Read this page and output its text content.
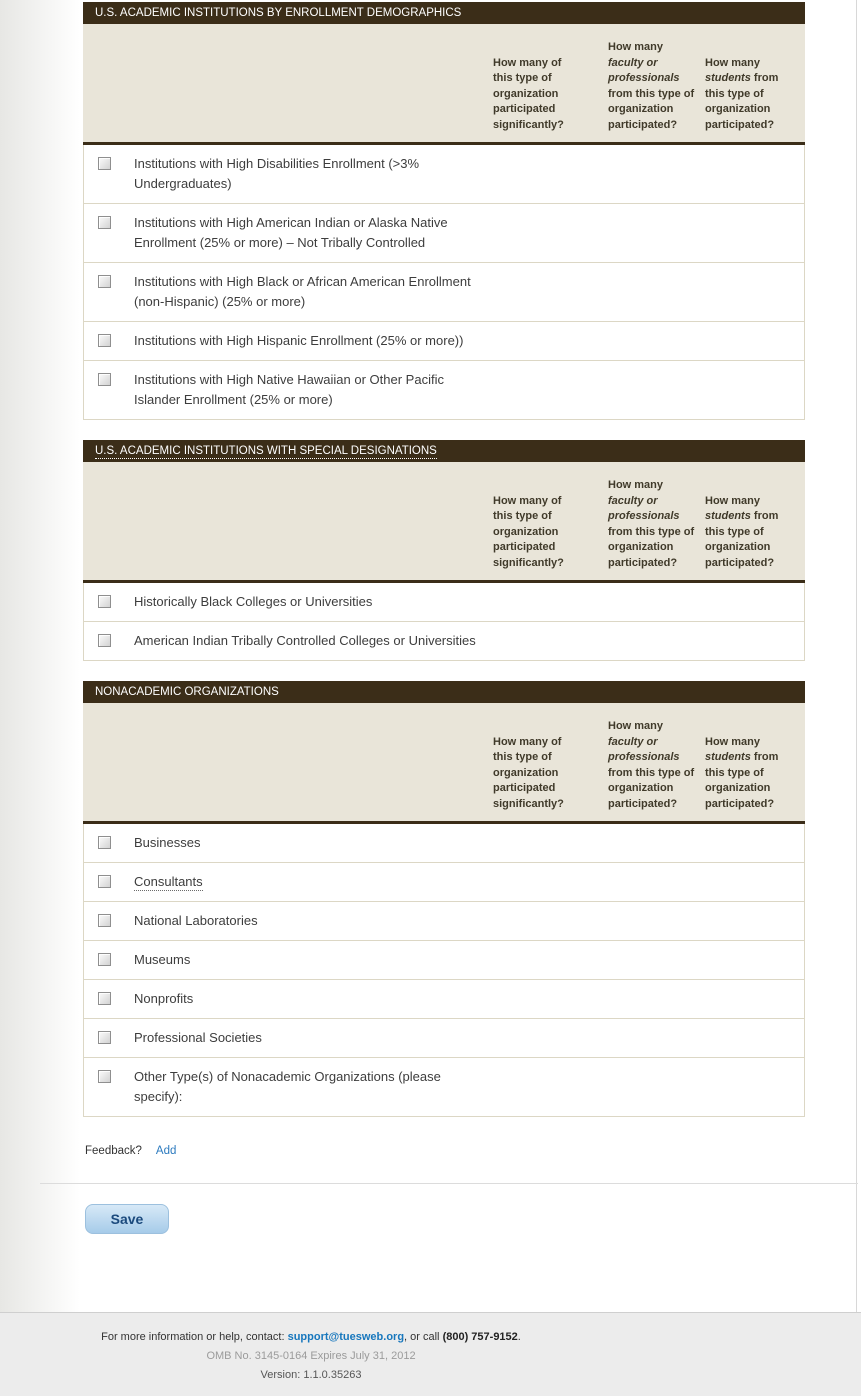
U.S. ACADEMIC INSTITUTIONS BY ENROLLMENT DEMOGRAPHICS
How many of this type of organization participated significantly?
How many faculty or professionals from this type of organization participated?
How many students from this type of organization participated?
Institutions with High Disabilities Enrollment (>3% Undergraduates)
Institutions with High American Indian or Alaska Native Enrollment (25% or more) – Not Tribally Controlled
Institutions with High Black or African American Enrollment (non-Hispanic) (25% or more)
Institutions with High Hispanic Enrollment (25% or more))
Institutions with High Native Hawaiian or Other Pacific Islander Enrollment (25% or more)
U.S. ACADEMIC INSTITUTIONS WITH SPECIAL DESIGNATIONS
How many of this type of organization participated significantly?
How many faculty or professionals from this type of organization participated?
How many students from this type of organization participated?
Historically Black Colleges or Universities
American Indian Tribally Controlled Colleges or Universities
NONACADEMIC ORGANIZATIONS
How many of this type of organization participated significantly?
How many faculty or professionals from this type of organization participated?
How many students from this type of organization participated?
Businesses
Consultants
National Laboratories
Museums
Nonprofits
Professional Societies
Other Type(s) of Nonacademic Organizations (please specify):
Feedback? Add
Save
For more information or help, contact: support@tuesweb.org, or call (800) 757-9152.
OMB No. 3145-0164 Expires July 31, 2012
Version: 1.1.0.35263
